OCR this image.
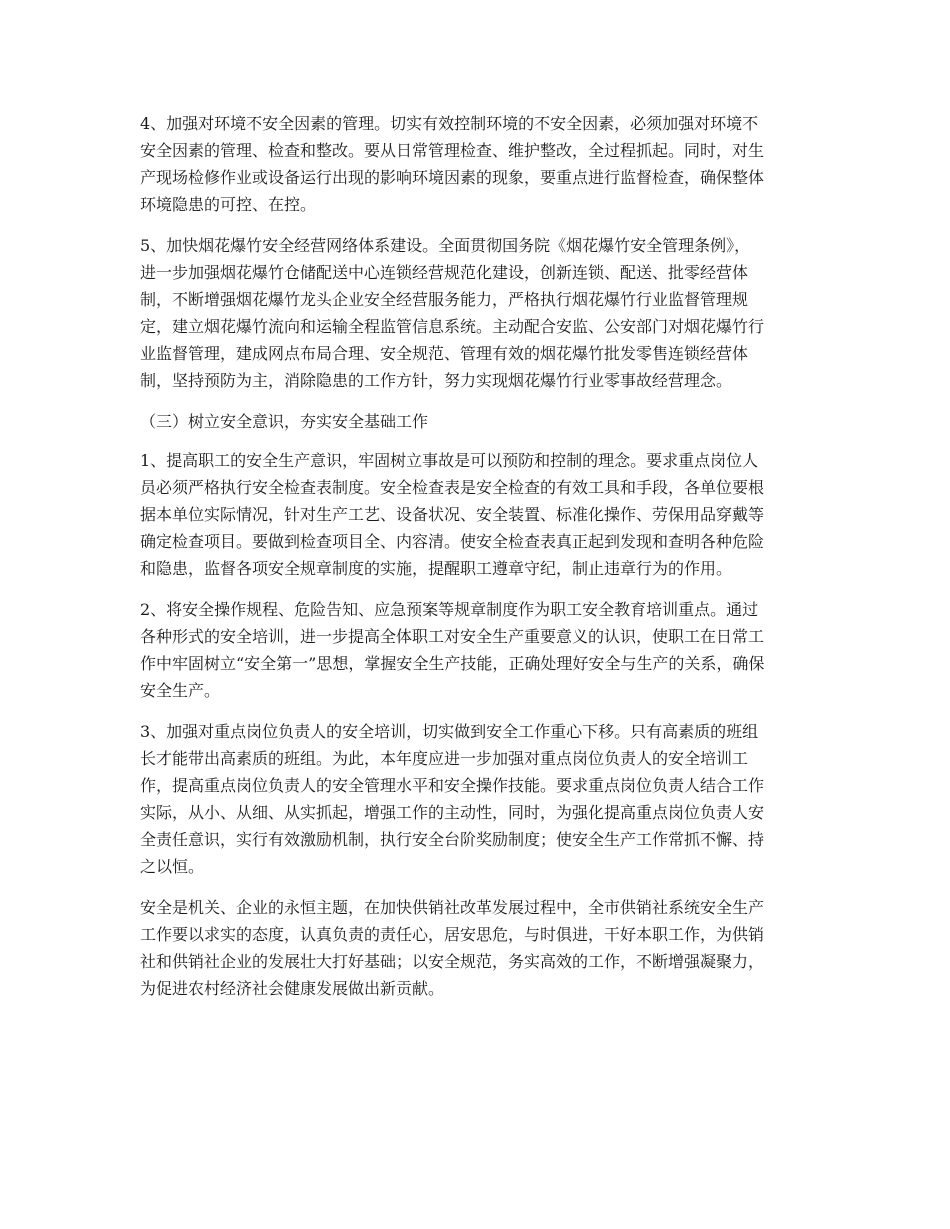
4、加强对环境不安全因素的管理。切实有效控制环境的不安全因素，必须加强对环境不
安全因素的管理、检查和整改。要从日常管理检查、维护整改，全过程抓起。同时，对生
产现场检修作业或设备运行出现的影响环境因素的现象，要重点进行监督检查，确保整体
环境隐患的可控、在控。

5、加快烟花爆竹安全经营网络体系建设。全面贯彻国务院《烟花爆竹安全管理条例》，
进一步加强烟花爆竹仓储配送中心连锁经营规范化建设，创新连锁、配送、批零经营体
制，不断增强烟花爆竹龙头企业安全经营服务能力，严格执行烟花爆竹行业监督管理规
定，建立烟花爆竹流向和运输全程监管信息系统。主动配合安监、公安部门对烟花爆竹行
业监督管理，建成网点布局合理、安全规范、管理有效的烟花爆竹批发零售连锁经营体
制，坚持预防为主，消除隐患的工作方针，努力实现烟花爆竹行业零事故经营理念。

（三）树立安全意识，夯实安全基础工作

1、提高职工的安全生产意识，牢固树立事故是可以预防和控制的理念。要求重点岗位人
员必须严格执行安全检查表制度。安全检查表是安全检查的有效工具和手段，各单位要根
据本单位实际情况，针对生产工艺、设备状况、安全装置、标准化操作、劳保用品穿戴等
确定检查项目。要做到检查项目全、内容清。使安全检查表真正起到发现和查明各种危险
和隐患，监督各项安全规章制度的实施，提醒职工遵章守纪，制止违章行为的作用。

2、将安全操作规程、危险告知、应急预案等规章制度作为职工安全教育培训重点。通过
各种形式的安全培训，进一步提高全体职工对安全生产重要意义的认识，使职工在日常工
作中牢固树立“安全第一”思想，掌握安全生产技能，正确处理好安全与生产的关系，确保
安全生产。

3、加强对重点岗位负责人的安全培训，切实做到安全工作重心下移。只有高素质的班组
长才能带出高素质的班组。为此，本年度应进一步加强对重点岗位负责人的安全培训工
作，提高重点岗位负责人的安全管理水平和安全操作技能。要求重点岗位负责人结合工作
实际，从小、从细、从实抓起，增强工作的主动性，同时，为强化提高重点岗位负责人安
全责任意识，实行有效激励机制，执行安全台阶奖励制度；使安全生产工作常抓不懈、持
之以恒。

安全是机关、企业的永恒主题，在加快供销社改革发展过程中，全市供销社系统安全生产
工作要以求实的态度，认真负责的责任心，居安思危，与时俱进，干好本职工作，为供销
社和供销社企业的发展壮大打好基础；以安全规范，务实高效的工作，不断增强凝聚力，
为促进农村经济社会健康发展做出新贡献。
